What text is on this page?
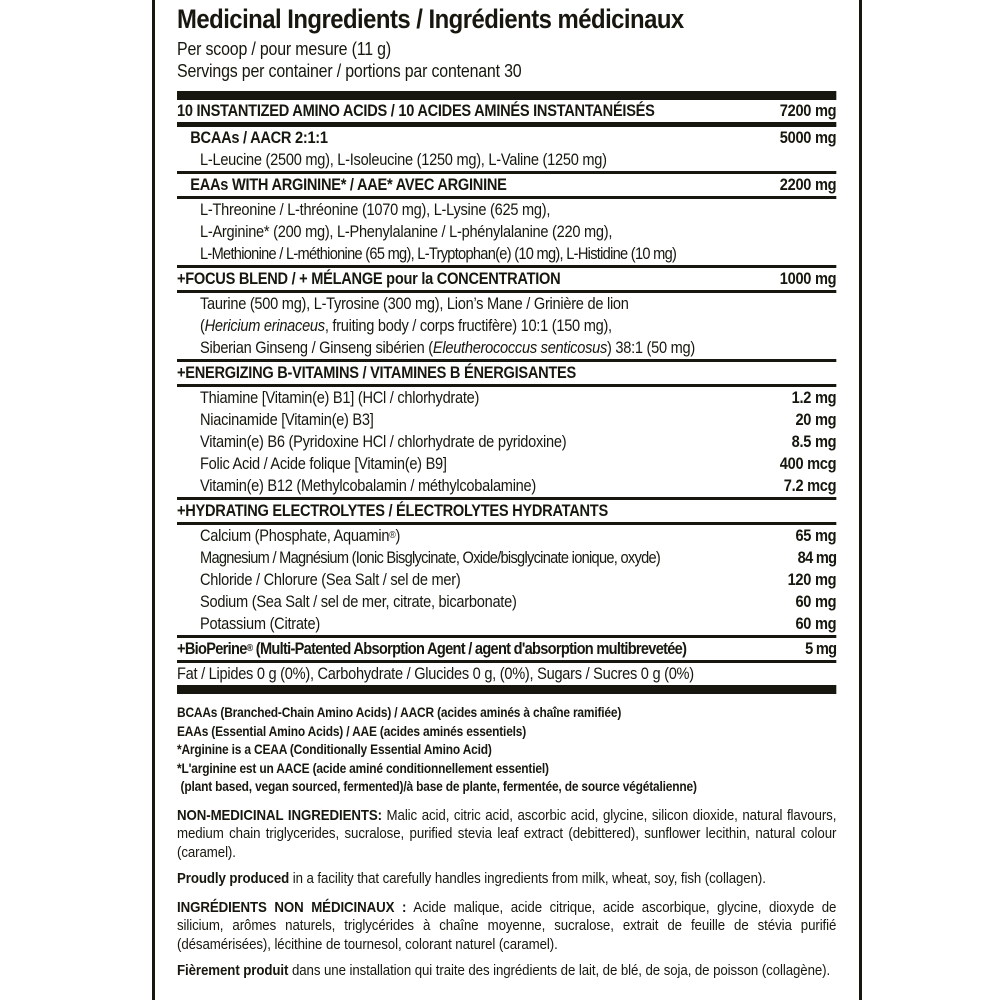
Medicinal Ingredients / Ingrédients médicinaux
Per scoop / pour mesure (11 g)
Servings per container / portions par contenant 30
10 INSTANTIZED AMINO ACIDS / 10 ACIDES AMINÉS INSTANTANÉISÉS	7200 mg
BCAAs / AACR 2:1:1	5000 mg
L-Leucine (2500 mg), L-Isoleucine (1250 mg), L-Valine (1250 mg)
EAAs WITH ARGININE* / AAE* AVEC ARGININE	2200 mg
L-Threonine / L-thréonine (1070 mg), L-Lysine (625 mg),
L-Arginine* (200 mg), L-Phenylalanine / L-phénylalanine (220 mg),
L-Methionine / L-méthionine (65 mg), L-Tryptophan(e) (10 mg), L-Histidine (10 mg)
+FOCUS BLEND / + MÉLANGE pour la CONCENTRATION	1000 mg
Taurine (500 mg), L-Tyrosine (300 mg), Lion’s Mane / Grinière de lion
(Hericium erinaceus, fruiting body / corps fructifère) 10:1 (150 mg),
Siberian Ginseng / Ginseng sibérien (Eleutherococcus senticosus) 38:1 (50 mg)
+ENERGIZING B-VITAMINS / VITAMINES B ÉNERGISANTES
Thiamine [Vitamin(e) B1] (HCl / chlorhydrate)	1.2 mg
Niacinamide [Vitamin(e) B3]	20 mg
Vitamin(e) B6 (Pyridoxine HCl / chlorhydrate de pyridoxine)	8.5 mg
Folic Acid / Acide folique [Vitamin(e) B9]	400 mcg
Vitamin(e) B12 (Methylcobalamin / méthylcobalamine)	7.2 mcg
+HYDRATING ELECTROLYTES / ÉLECTROLYTES HYDRATANTS
Calcium (Phosphate, Aquamin®)	65 mg
Magnesium / Magnésium (Ionic Bisglycinate, Oxide/bisglycinate ionique, oxyde)	84 mg
Chloride / Chlorure (Sea Salt / sel de mer)	120 mg
Sodium (Sea Salt / sel de mer, citrate, bicarbonate)	60 mg
Potassium (Citrate)	60 mg
+BioPerine® (Multi-Patented Absorption Agent / agent d'absorption multibrevetée)	5 mg
Fat / Lipides 0 g (0%), Carbohydrate / Glucides 0 g, (0%), Sugars / Sucres 0 g (0%)
BCAAs (Branched-Chain Amino Acids) / AACR (acides aminés à chaîne ramifiée)
EAAs (Essential Amino Acids) / AAE (acides aminés essentiels)
*Arginine is a CEAA (Conditionally Essential Amino Acid)
*L'arginine est un AACE (acide aminé conditionnellement essentiel)
(plant based, vegan sourced, fermented)/à base de plante, fermentée, de source végétalienne)
NON-MEDICINAL INGREDIENTS: Malic acid, citric acid, ascorbic acid, glycine, silicon dioxide, natural flavours, medium chain triglycerides, sucralose, purified stevia leaf extract (debittered), sunflower lecithin, natural colour (caramel).
Proudly produced in a facility that carefully handles ingredients from milk, wheat, soy, fish (collagen).
INGRÉDIENTS NON MÉDICINAUX : Acide malique, acide citrique, acide ascorbique, glycine, dioxyde de silicium, arômes naturels, triglycérides à chaîne moyenne, sucralose, extrait de feuille de stévia purifié (désamérisées), lécithine de tournesol, colorant naturel (caramel).
Fièrement produit dans une installation qui traite des ingrédients de lait, de blé, de soja, de poisson (collagène).
